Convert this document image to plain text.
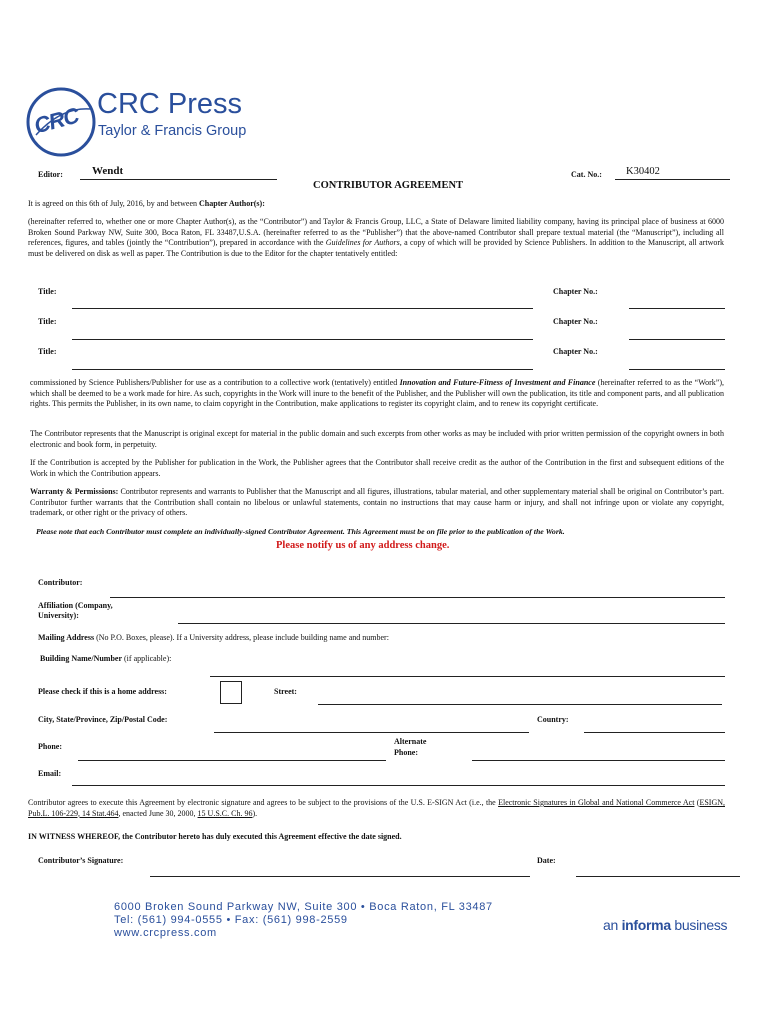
CRC CRC Press
Taylor & Francis Group
Editor:	Wendt	Cat. No.: K30402
CONTRIBUTOR AGREEMENT
It is agreed on this 6th of July, 2016, by and between Chapter Author(s):
(hereinafter referred to, whether one or more Chapter Author(s), as the “Contributor”) and Taylor & Francis Group, LLC, a State of Delaware limited liability company, having its principal place of business at 6000 Broken Sound Parkway NW, Suite 300, Boca Raton, FL 33487,U.S.A. (hereinafter referred to as the “Publisher”) that the above-named Contributor shall prepare textual material (the “Manuscript”), including all references, figures, and tables (jointly the “Contribution”), prepared in accordance with the Guidelines for Authors, a copy of which will be provided by Science Publishers. In addition to the Manuscript, all artwork must be delivered on disk as well as paper. The Contribution is due to the Editor for the chapter tentatively entitled:
Title:	Chapter No.:
Title:	Chapter No.:
Title:	Chapter No.:
commissioned by Science Publishers/Publisher for use as a contribution to a collective work (tentatively) entitled Innovation and Future-Fitness of Investment and Finance (hereinafter referred to as the “Work”), which shall be deemed to be a work made for hire. As such, copyrights in the Work will inure to the benefit of the Publisher, and the Publisher will own the publication, its title and component parts, and all publication rights. This permits the Publisher, in its own name, to claim copyright in the Contribution, make applications to register its copyright claim, and to renew its copyright certificate.
The Contributor represents that the Manuscript is original except for material in the public domain and such excerpts from other works as may be included with prior written permission of the copyright owners in both electronic and book form, in perpetuity.
If the Contribution is accepted by the Publisher for publication in the Work, the Publisher agrees that the Contributor shall receive credit as the author of the Contribution in the first and subsequent editions of the Work in which the Contribution appears.
Warranty & Permissions: Contributor represents and warrants to Publisher that the Manuscript and all figures, illustrations, tabular material, and other supplementary material shall be original on Contributor’s part. Contributor further warrants that the Contribution shall contain no libelous or unlawful statements, contain no instructions that may cause harm or injury, and shall not infringe upon or violate any copyright, trademark, or other right or the privacy of others.
Please note that each Contributor must complete an individually-signed Contributor Agreement. This Agreement must be on file prior to the publication of the Work.
Please notify us of any address change.
Contributor:
Affiliation (Company,
University):
Mailing Address (No P.O. Boxes, please). If a University address, please include building name and number:
Building Name/Number (if applicable):
Please check if this is a home address:	Street:
City, State/Province, Zip/Postal Code:	Country:
Phone:
Alternate
Phone:
Email:
Contributor agrees to execute this Agreement by electronic signature and agrees to be subject to the provisions of the U.S. E-SIGN Act (i.e., the Electronic Signatures in Global and National Commerce Act (ESIGN, Pub.L. 106-229, 14 Stat.464, enacted June 30, 2000, 15 U.S.C. Ch. 96).
IN WITNESS WHEREOF, the Contributor hereto has duly executed this Agreement effective the date signed.
Contributor’s Signature:	Date:
6000 Broken Sound Parkway NW, Suite 300 • Boca Raton, FL 33487
Tel: (561) 994-0555 • Fax: (561) 998-2559
www.crcpress.com	an informa business
